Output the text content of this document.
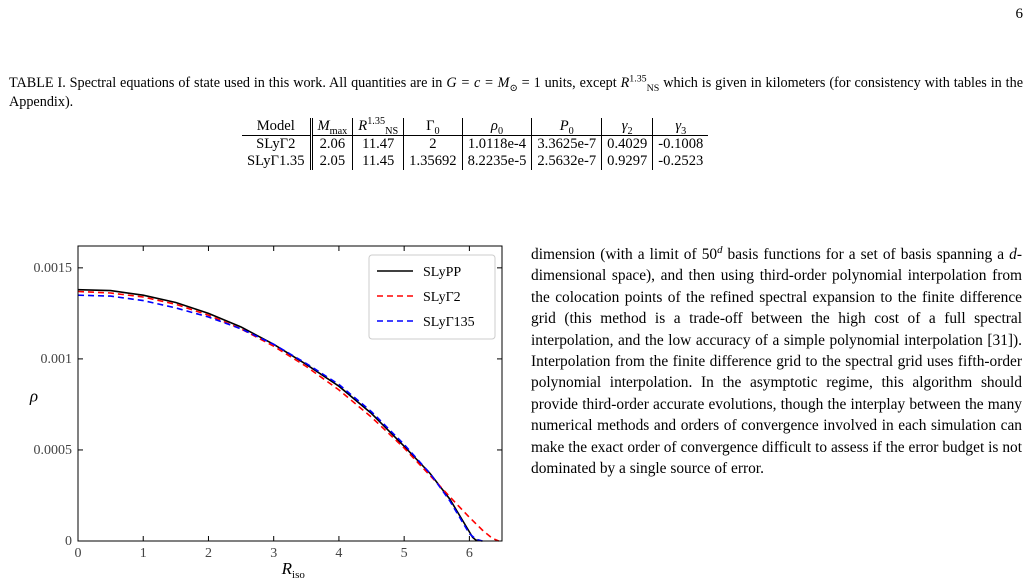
6
TABLE I. Spectral equations of state used in this work. All quantities are in $G = c = M_⊙ = 1$ units, except $R^{1.35}_{NS}$ which is given in kilometers (for consistency with tables in the Appendix).
Model	$M_{max}$	$R^{1.35}_{NS}$	$\Gamma_0$	$\rho_0$	$P_0$	$\gamma_2$	$\gamma_3$
SLyΓ2	2.06	11.47	2	1.0118e-4	3.3625e-7	0.4029	-0.1008
SLyΓ1.35	2.05	11.45	1.35692	8.2235e-5	2.5632e-7	0.9297	-0.2523
0	1	2	3	4	5	6
0
0.0005
0.001
0.0015	SLyPP
SLyΓ2
SLyΓ135
$R_{iso}$
ρ
dimension (with a limit of 50$^d$ basis functions for a set of basis spanning a d-dimensional space), and then using third-order polynomial interpolation from the colocation points of the refined spectral expansion to the finite difference grid (this method is a trade-off between the high cost of a full spectral interpolation, and the low accuracy of a simple polynomial interpolation [31]). Interpolation from the finite difference grid to the spectral grid uses fifth-order polynomial interpolation. In the asymptotic regime, this algorithm should provide third-order accurate evolutions, though the interplay between the many numerical methods and orders of convergence involved in each simulation can make the exact order of convergence difficult to assess if the error budget is not dominated by a single source of error.
